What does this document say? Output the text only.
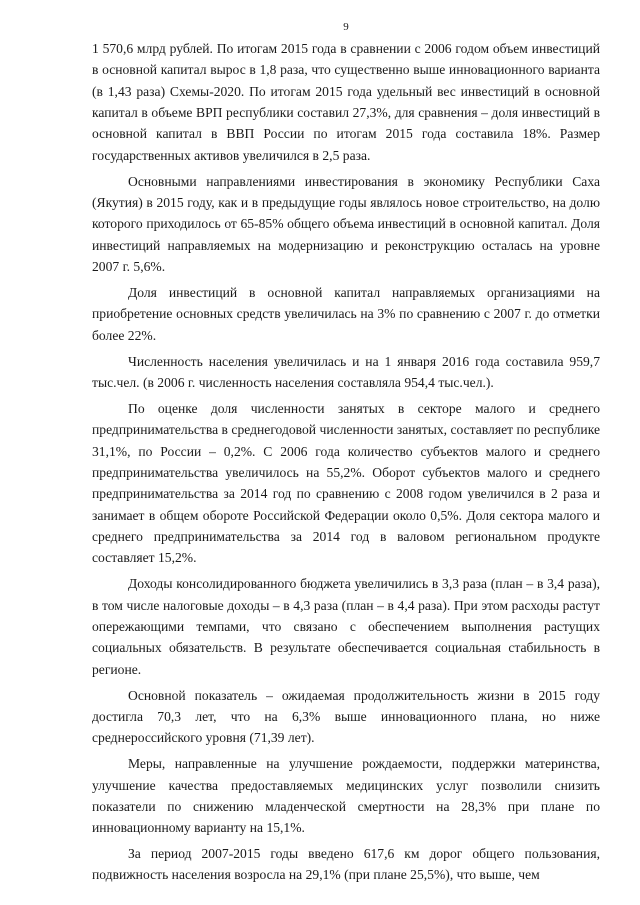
9

1 570,6 млрд рублей. По итогам 2015 года в сравнении с 2006 годом объем инвестиций в основной капитал вырос в 1,8 раза, что существенно выше инновационного варианта (в 1,43 раза) Схемы-2020. По итогам 2015 года удельный вес инвестиций в основной капитал в объеме ВРП республики составил 27,3%, для сравнения – доля инвестиций в основной капитал в ВВП России по итогам 2015 года составила 18%. Размер государственных активов увеличился в 2,5 раза.

Основными направлениями инвестирования в экономику Республики Саха (Якутия) в 2015 году, как и в предыдущие годы являлось новое строительство, на долю которого приходилось от 65-85% общего объема инвестиций в основной капитал. Доля инвестиций направляемых на модернизацию и реконструкцию осталась на уровне 2007 г. 5,6%.

Доля инвестиций в основной капитал направляемых организациями на приобретение основных средств увеличилась на 3% по сравнению с 2007 г. до отметки более 22%.

Численность населения увеличилась и на 1 января 2016 года составила 959,7 тыс.чел. (в 2006 г. численность населения составляла 954,4 тыс.чел.).

По оценке доля численности занятых в секторе малого и среднего предпринимательства в среднегодовой численности занятых, составляет по республике 31,1%, по России – 0,2%. С 2006 года количество субъектов малого и среднего предпринимательства увеличилось на 55,2%. Оборот субъектов малого и среднего предпринимательства за 2014 год по сравнению с 2008 годом увеличился в 2 раза и занимает в общем обороте Российской Федерации около 0,5%. Доля сектора малого и среднего предпринимательства за 2014 год в валовом региональном продукте составляет 15,2%.

Доходы консолидированного бюджета увеличились в 3,3 раза (план – в 3,4 раза), в том числе налоговые доходы – в 4,3 раза (план – в 4,4 раза). При этом расходы растут опережающими темпами, что связано с обеспечением выполнения растущих социальных обязательств. В результате обеспечивается социальная стабильность в регионе.

Основной показатель – ожидаемая продолжительность жизни в 2015 году достигла 70,3 лет, что на 6,3% выше инновационного плана, но ниже среднероссийского уровня (71,39 лет).

Меры, направленные на улучшение рождаемости, поддержки материнства, улучшение качества предоставляемых медицинских услуг позволили снизить показатели по снижению младенческой смертности на 28,3% при плане по инновационному варианту на 15,1%.

За период 2007-2015 годы введено 617,6 км дорог общего пользования, подвижность населения возросла на 29,1% (при плане 25,5%), что выше, чем
